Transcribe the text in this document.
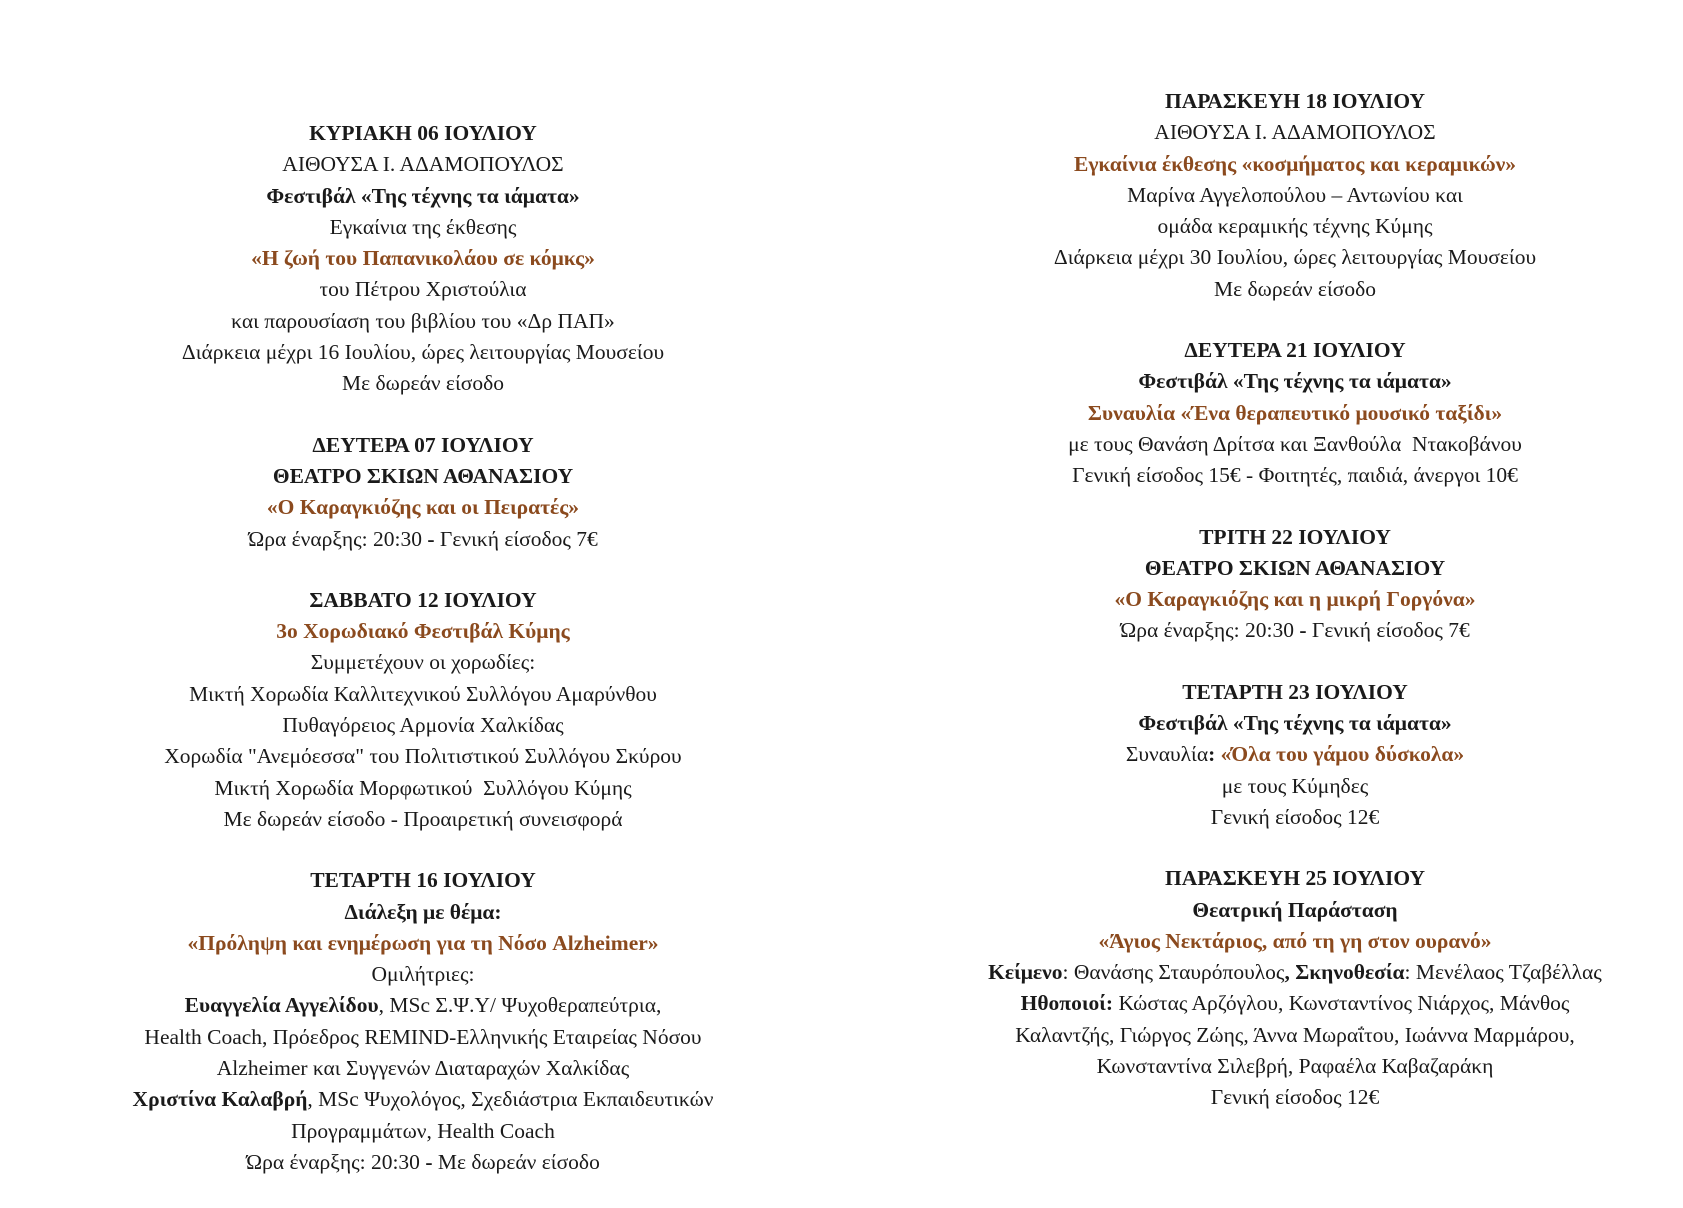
ΚΥΡΙΑΚΗ 06 ΙΟΥΛΙΟΥ
ΑΙΘΟΥΣΑ Ι. ΑΔΑΜΟΠΟΥΛΟΣ
Φεστιβάλ «Της τέχνης τα ιάματα»
Εγκαίνια της έκθεσης
«Η ζωή του Παπανικολάου σε κόμκς»
του Πέτρου Χριστούλια
και παρουσίαση του βιβλίου του «Δρ ΠΑΠ»
Διάρκεια μέχρι 16 Ιουλίου, ώρες λειτουργίας Μουσείου
Με δωρεάν είσοδο
ΔΕΥΤΕΡΑ 07 ΙΟΥΛΙΟΥ
ΘΕΑΤΡΟ ΣΚΙΩΝ ΑΘΑΝΑΣΙΟΥ
«Ο Καραγκιόζης και οι Πειρατές»
Ώρα έναρξης: 20:30 - Γενική είσοδος 7€
ΣΑΒΒΑΤΟ 12 ΙΟΥΛΙΟΥ
3ο Χορωδιακό Φεστιβάλ Κύμης
Συμμετέχουν οι χορωδίες:
Μικτή Χορωδία Καλλιτεχνικού Συλλόγου Αμαρύνθου
Πυθαγόρειος Αρμονία Χαλκίδας
Χορωδία "Ανεμόεσσα" του Πολιτιστικού Συλλόγου Σκύρου
Μικτή Χορωδία Μορφωτικού  Συλλόγου Κύμης
Με δωρεάν είσοδο - Προαιρετική συνεισφορά
ΤΕΤΑΡΤΗ 16 ΙΟΥΛΙΟΥ
Διάλεξη με θέμα:
«Πρόληψη και ενημέρωση για τη Νόσο Alzheimer»
Ομιλήτριες:
Ευαγγελία Αγγελίδου, MSc Σ.Ψ.Υ/ Ψυχοθεραπεύτρια,
Health Coach, Πρόεδρος REMIND-Ελληνικής Εταιρείας Νόσου
Alzheimer και Συγγενών Διαταραχών Χαλκίδας
Χριστίνα Καλαβρή, MSc Ψυχολόγος, Σχεδιάστρια Εκπαιδευτικών
Προγραμμάτων, Health Coach
Ώρα έναρξης: 20:30 - Με δωρεάν είσοδο
ΠΑΡΑΣΚΕΥΗ 18 ΙΟΥΛΙΟΥ
ΑΙΘΟΥΣΑ Ι. ΑΔΑΜΟΠΟΥΛΟΣ
Εγκαίνια έκθεσης «κοσμήματος και κεραμικών»
Μαρίνα Αγγελοπούλου – Αντωνίου και
ομάδα κεραμικής τέχνης Κύμης
Διάρκεια μέχρι 30 Ιουλίου, ώρες λειτουργίας Μουσείου
Με δωρεάν είσοδο
ΔΕΥΤΕΡΑ 21 ΙΟΥΛΙΟΥ
Φεστιβάλ «Της τέχνης τα ιάματα»
Συναυλία «Ένα θεραπευτικό μουσικό ταξίδι»
με τους Θανάση Δρίτσα και Ξανθούλα  Ντακοβάνου
Γενική είσοδος 15€ - Φοιτητές, παιδιά, άνεργοι 10€
ΤΡΙΤΗ 22 ΙΟΥΛΙΟΥ
ΘΕΑΤΡΟ ΣΚΙΩΝ ΑΘΑΝΑΣΙΟΥ
«Ο Καραγκιόζης και η μικρή Γοργόνα»
Ώρα έναρξης: 20:30 - Γενική είσοδος 7€
ΤΕΤΑΡΤΗ 23 ΙΟΥΛΙΟΥ
Φεστιβάλ «Της τέχνης τα ιάματα»
Συναυλία: «Όλα του γάμου δύσκολα»
με τους Κύμηδες
Γενική είσοδος 12€
ΠΑΡΑΣΚΕΥΗ 25 ΙΟΥΛΙΟΥ
Θεατρική Παράσταση
«Άγιος Νεκτάριος, από τη γη στον ουρανό»
Κείμενο: Θανάσης Σταυρόπουλος, Σκηνοθεσία: Μενέλαος Τζαβέλλας
Ηθοποιοί: Κώστας Αρζόγλου, Κωνσταντίνος Νιάρχος, Μάνθος
Καλαντζής, Γιώργος Ζώης, Άννα Μωραΐτου, Ιωάννα Μαρμάρου,
Κωνσταντίνα Σιλεβρή, Ραφαέλα Καβαζαράκη
Γενική είσοδος 12€
